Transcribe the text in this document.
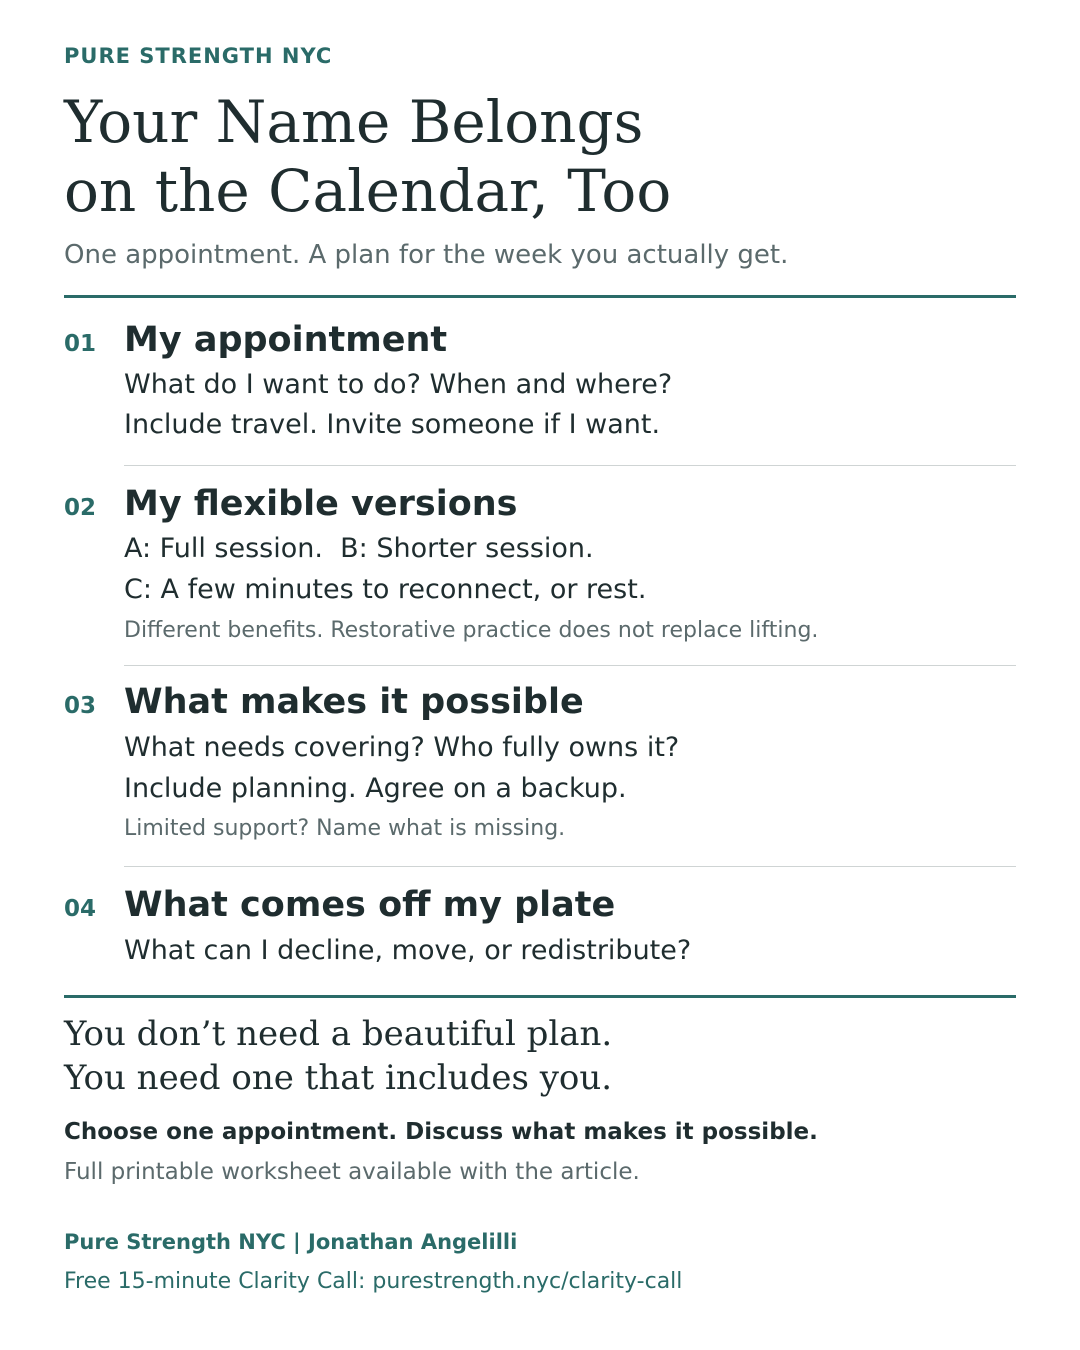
PURE STRENGTH NYC
Your Name Belongs
on the Calendar, Too
One appointment. A plan for the week you actually get.
01 My appointment
What do I want to do? When and where?
Include travel. Invite someone if I want.
02 My flexible versions
A: Full session.  B: Shorter session.
C: A few minutes to reconnect, or rest.
Different benefits. Restorative practice does not replace lifting.
03 What makes it possible
What needs covering? Who fully owns it?
Include planning. Agree on a backup.
Limited support? Name what is missing.
04 What comes off my plate
What can I decline, move, or redistribute?
You don’t need a beautiful plan.
You need one that includes you.
Choose one appointment. Discuss what makes it possible.
Full printable worksheet available with the article.
Pure Strength NYC | Jonathan Angelilli
Free 15-minute Clarity Call: purestrength.nyc/clarity-call
